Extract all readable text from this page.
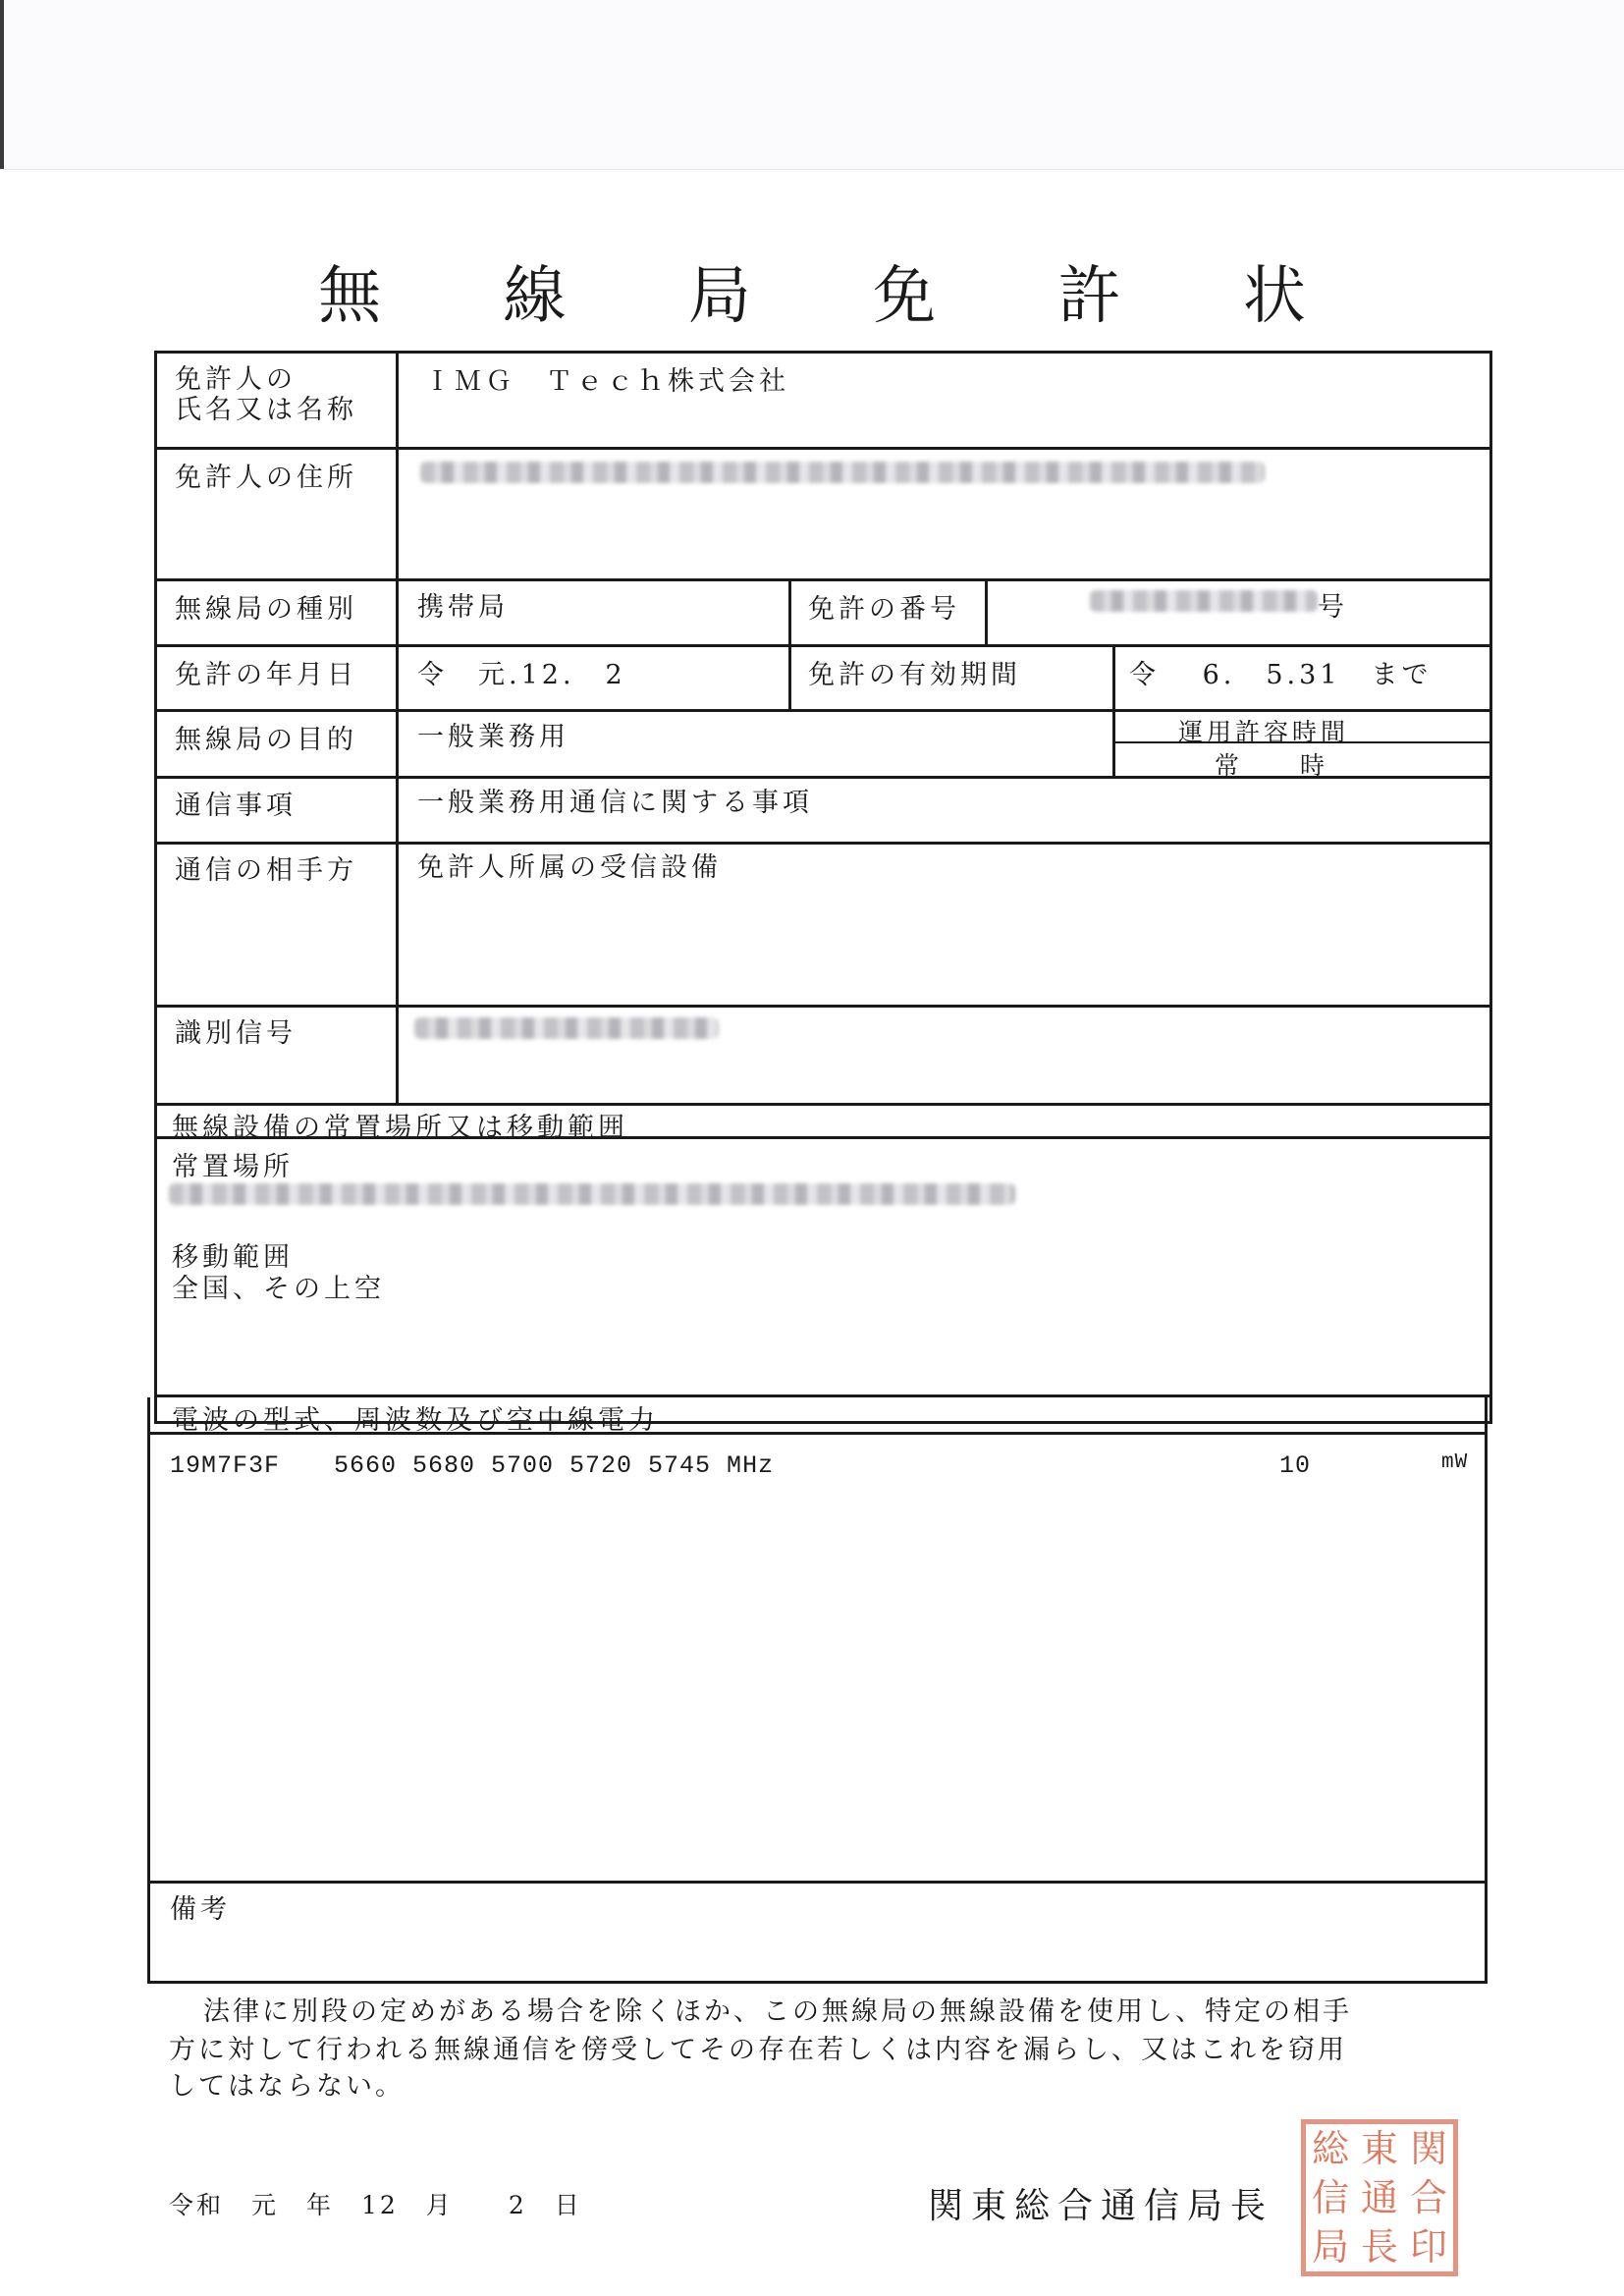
無 線 局 免 許 状
免許人の
氏名又は名称
ＩＭＧ　Ｔｅｃｈ株式会社
免許人の住所
無線局の種別 携帯局	免許の番号	号
免許の年月日 令　元.12.　2	免許の有効期間	令　 6.　5.31　まで
無線局の目的 一般業務用	運用許容時間
常　　時
通信事項	一般業務用通信に関する事項
通信の相手方 免許人所属の受信設備
識別信号
無線設備の常置場所又は移動範囲
常置場所
移動範囲
全国、その上空
電波の型式、周波数及び空中線電力
19M7F3F 5660 5680 5700 5720 5745 MHz	10	mW
備考
法律に別段の定めがある場合を除くほか、この無線局の無線設備を使用し、特定の相手
方に対して行われる無線通信を傍受してその存在若しくは内容を漏らし、又はこれを窃用
してはならない。
令和　元　年　12　月　　2　日	関東総合通信局長
総 東 関
信 通 合
局 長 印
